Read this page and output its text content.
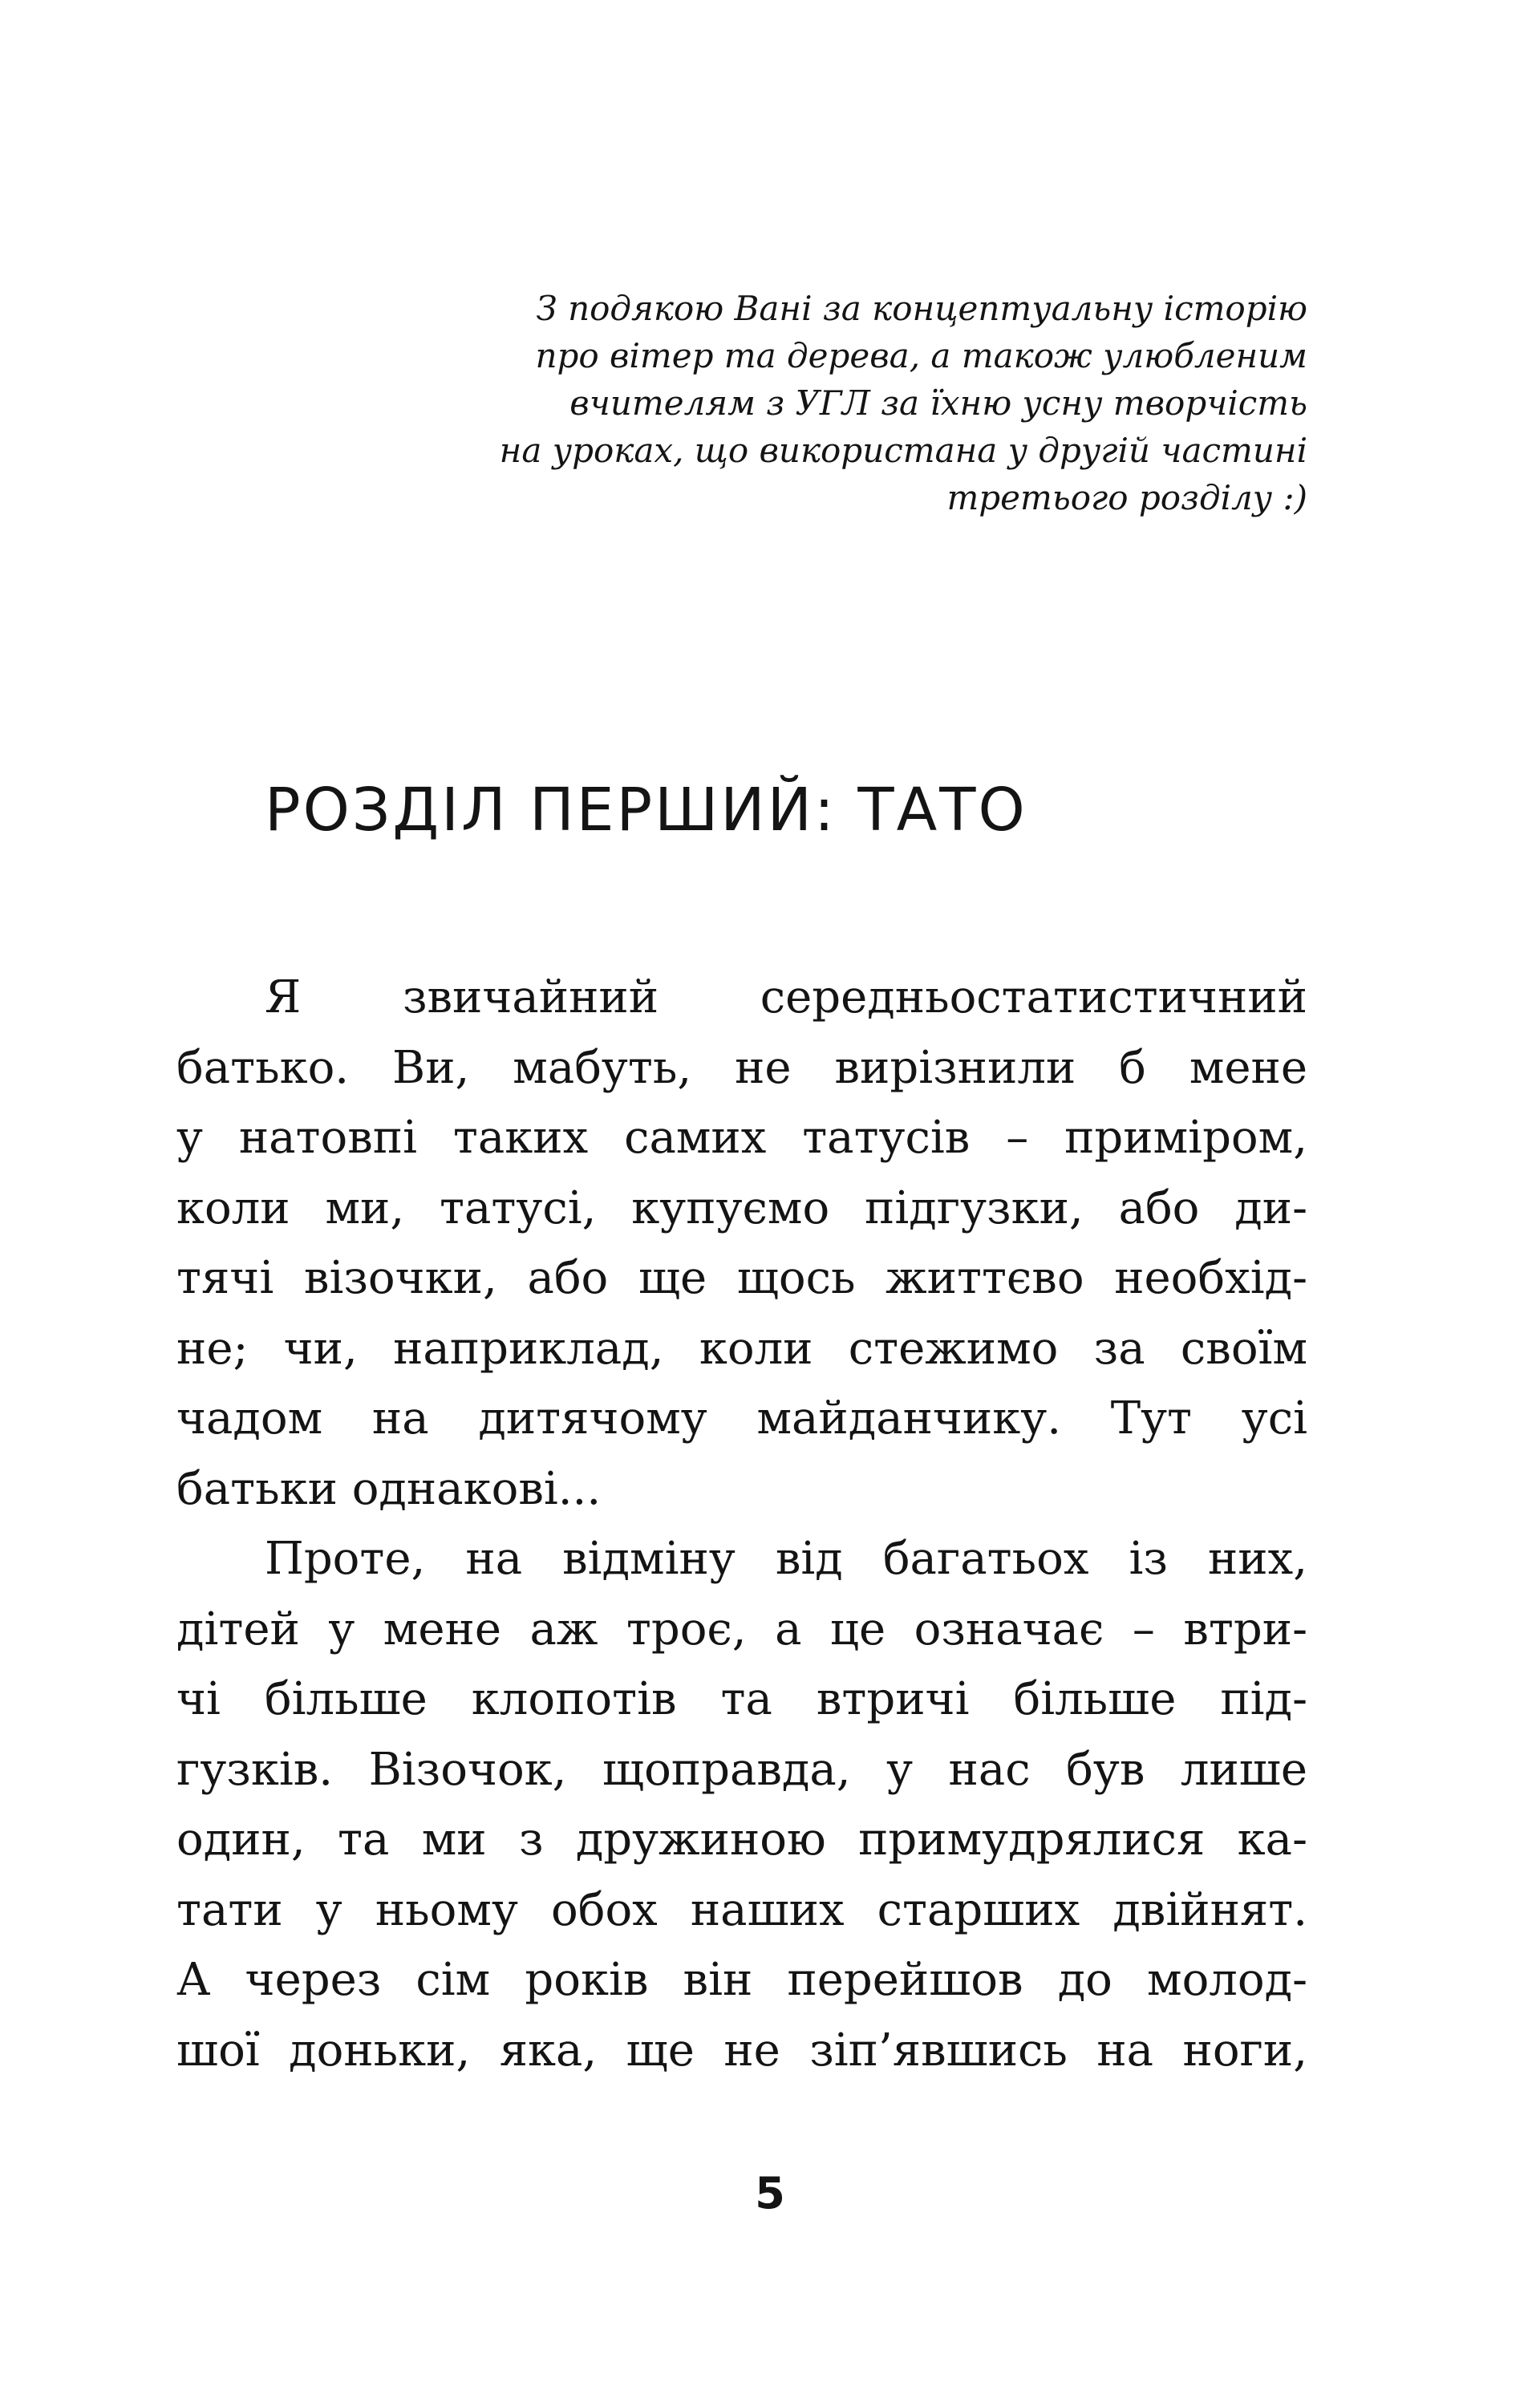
З подякою Вані за концептуальну історію
про вітер та дерева, а також улюбленим
вчителям з УГЛ за їхню усну творчість
на уроках, що використана у другій частині
третього розділу :)
РОЗДІЛ ПЕРШИЙ: ТАТО
Я звичайний середньостатистичний
батько. Ви, мабуть, не вирізнили б мене
у натовпі таких самих татусів – приміром,
коли ми, татусі, купуємо підгузки, або ди-
тячі візочки, або ще щось життєво необхід-
не; чи, наприклад, коли стежимо за своїм
чадом на дитячому майданчику. Тут усі
батьки однакові...
Проте, на відміну від багатьох із них,
дітей у мене аж троє, а це означає – втри-
чі більше клопотів та втричі більше під-
гузків. Візочок, щоправда, у нас був лише
один, та ми з дружиною примудрялися ка-
тати у ньому обох наших старших двійнят.
А через сім років він перейшов до молод-
шої доньки, яка, ще не зіп’явшись на ноги,
5
